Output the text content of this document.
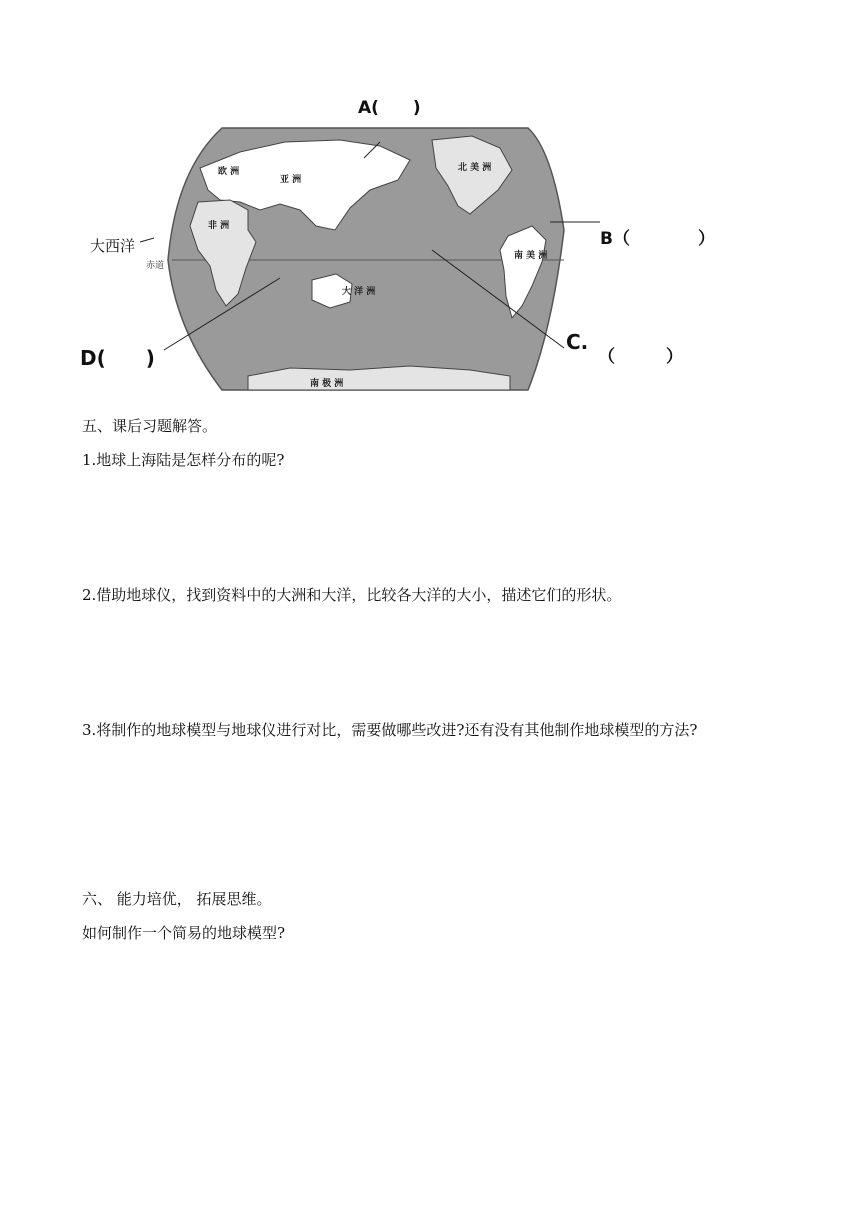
欧 洲
亚 洲
非 洲
北 美 洲
南 美 洲
大 洋 洲
南 极 洲
赤道
A(　　)
B（　　　　）
C.
（　　　）
D(　　)
大西洋
五、课后习题解答。
1.地球上海陆是怎样分布的呢?
2.借助地球仪，找到资料中的大洲和大洋，比较各大洋的大小，描述它们的形状。
3.将制作的地球模型与地球仪进行对比，需要做哪些改进?还有没有其他制作地球模型的方法?
六、 能力培优， 拓展思维。
如何制作一个简易的地球模型?
